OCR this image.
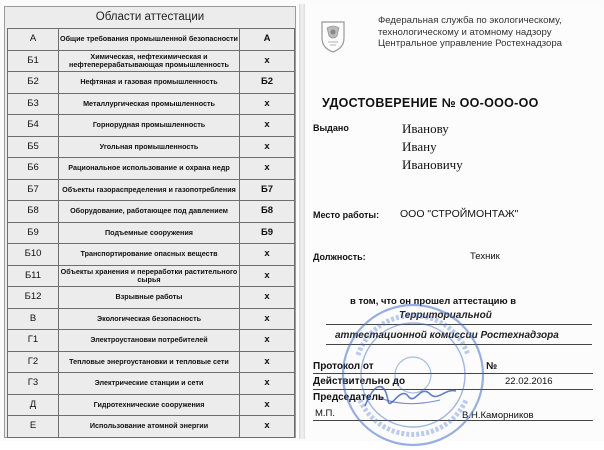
Области аттестации
А	Общие требования промышленной безопасности	А
Б1	Химическая, нефтехимическая и нефтеперерабатывающая промышленность	х
Б2	Нефтяная и газовая промышленность	Б2
Б3	Металлургическая промышленность	х
Б4	Горнорудная промышленность	х
Б5	Угольная промышленность	х
Б6	Рациональное использование и охрана недр	х
Б7	Объекты газораспределения и газопотребления	Б7
Б8	Оборудование, работающее под давлением	Б8
Б9	Подъемные сооружения	Б9
Б10	Транспортирование опасных веществ	х
Б11	Объекты хранения и переработки растительного сырья	х
Б12	Взрывные работы	х
В	Экологическая безопасность	х
Г1	Электроустановки потребителей	х
Г2	Тепловые энергоустановки и тепловые сети	х
Г3	Электрические станции и сети	х
Д	Гидротехнические сооружения	х
Е	Использование атомной энергии	х
Федеральная служба по экологическому,
технологическому и атомному надзору
Центральное управление Ростехнадзора
УДОСТОВЕРЕНИЕ № ОО-ООО-ОО
Выдано	Иванову
Ивану
Ивановичу
Место работы: ООО "СТРОЙМОНТАЖ"
Должность:	Техник
в том, что он прошел аттестацию в
Территориальной
аттестационной комиссии Ростехнадзора
Протокол от	№
Действительно до	22.02.2016
Председатель
М.П.	В.Н.Каморников
